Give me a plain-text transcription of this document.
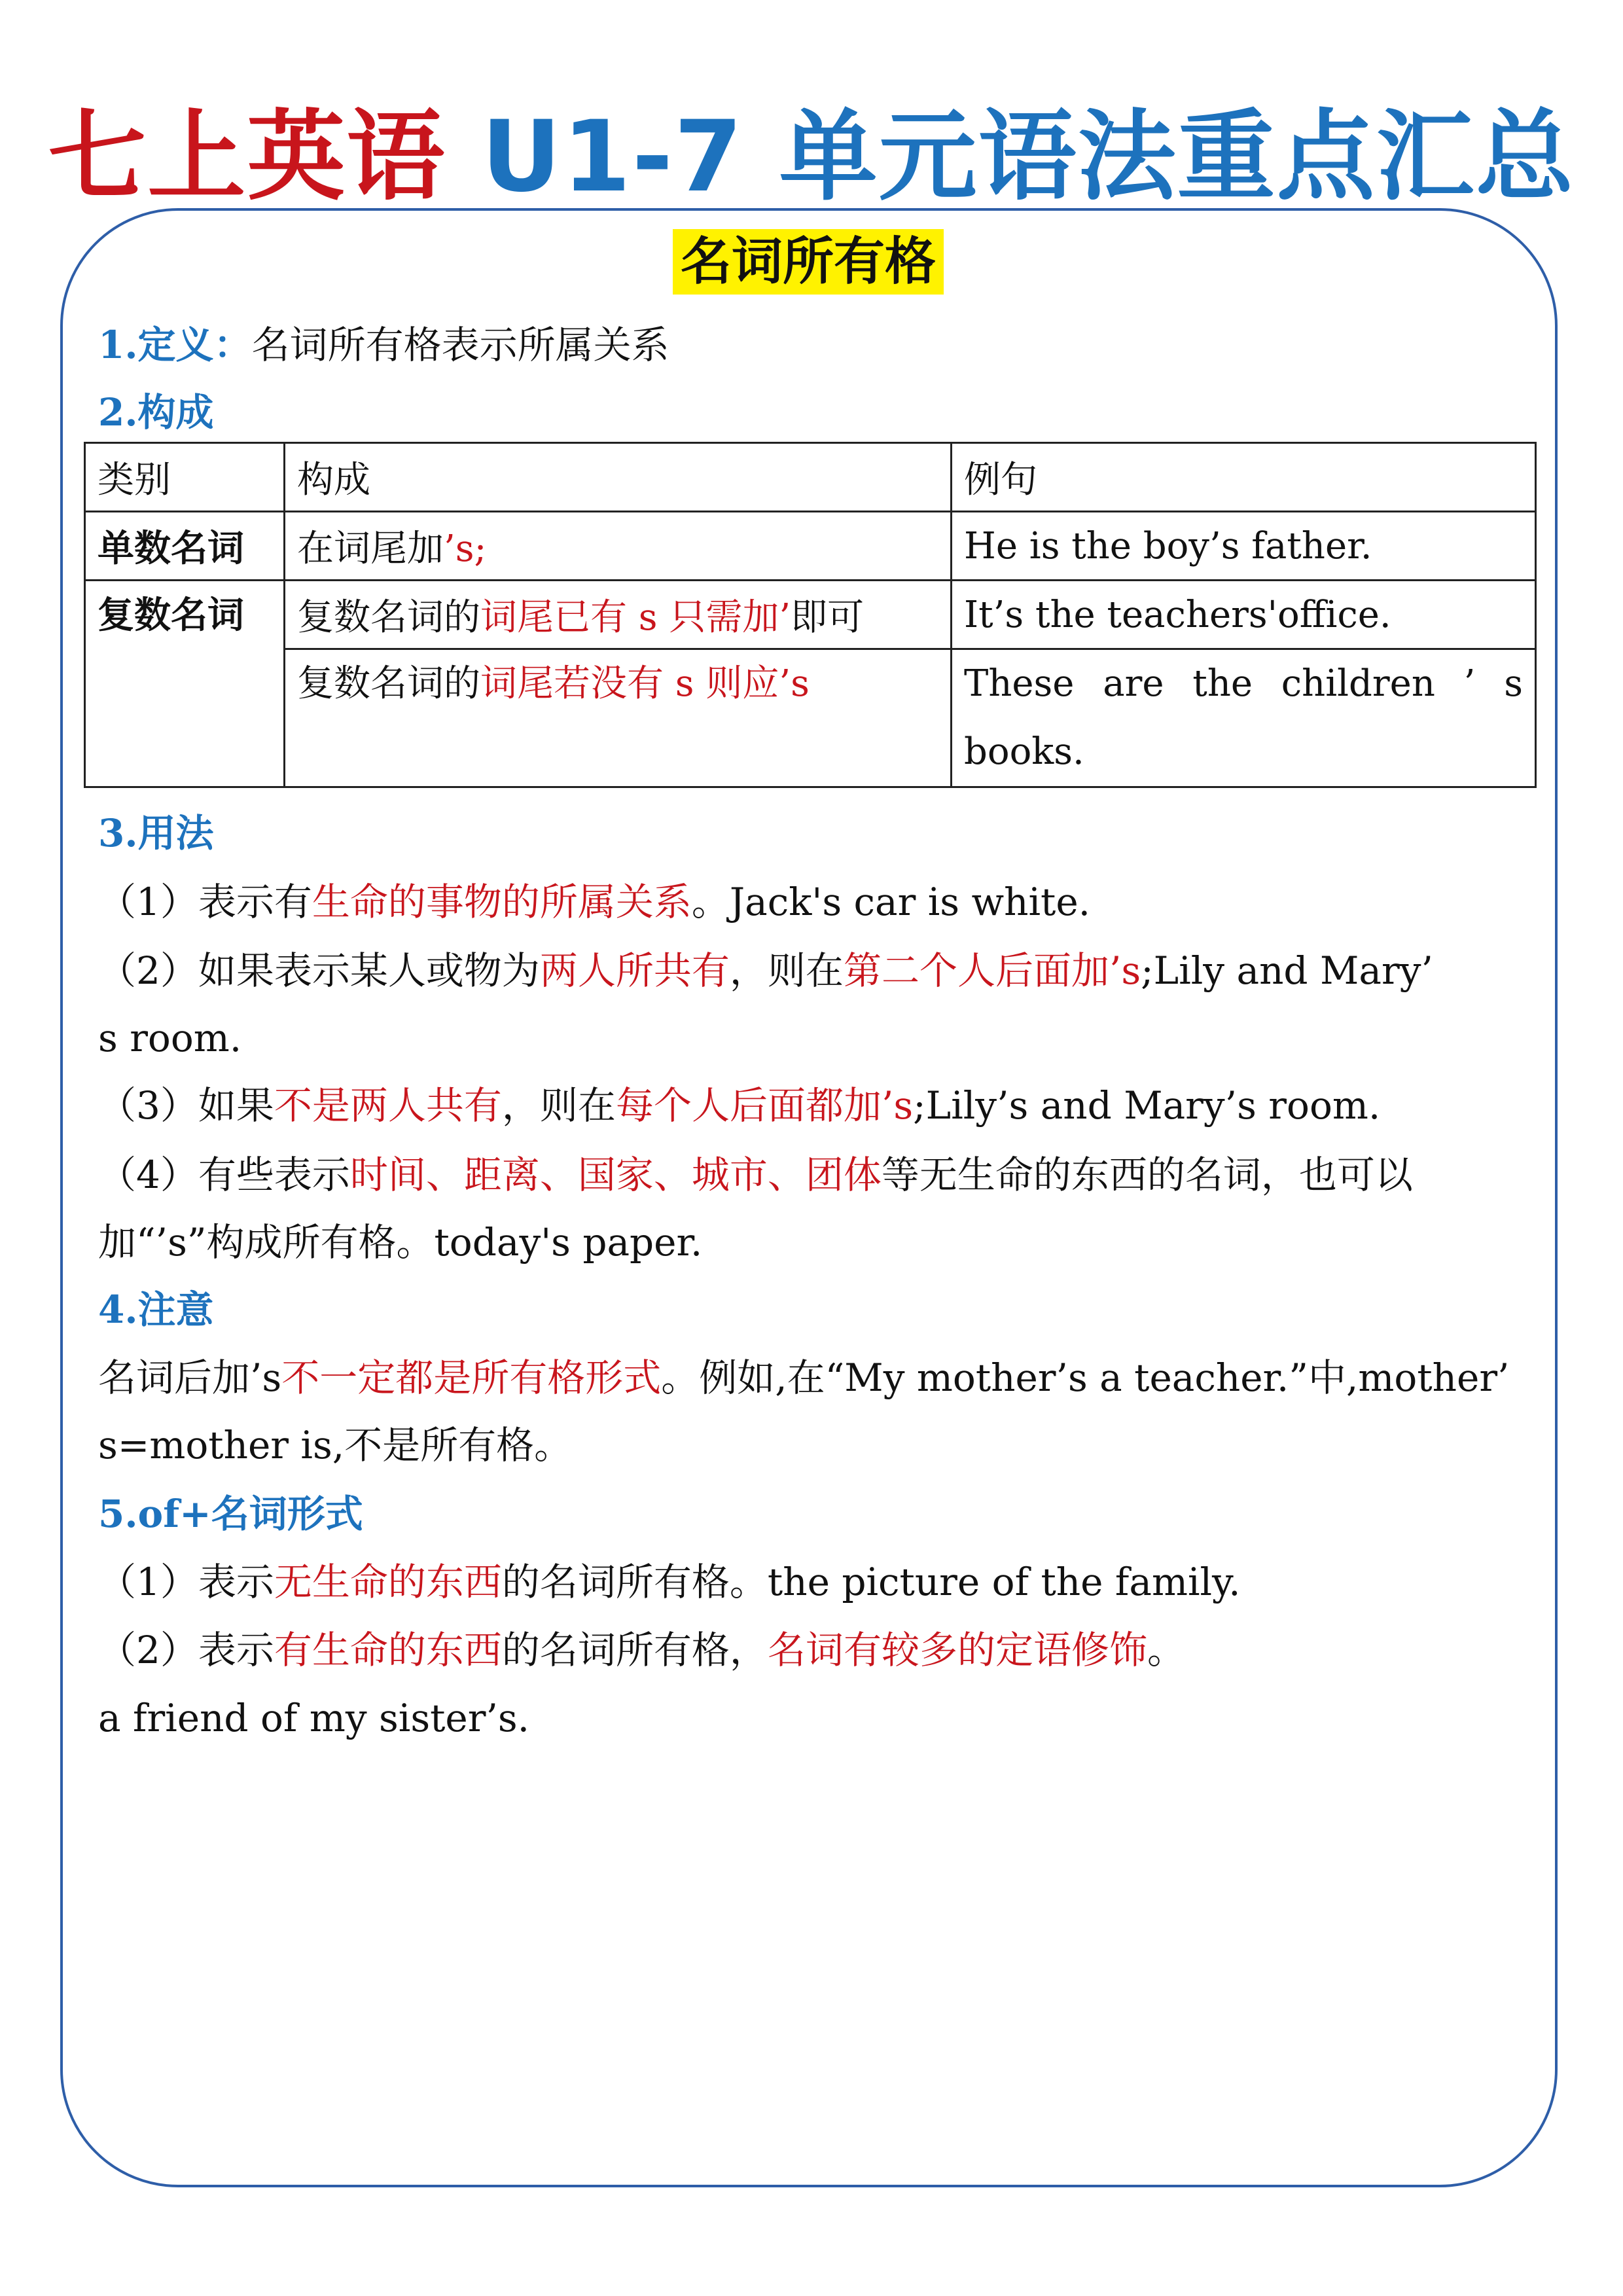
七上英语 U1-7 单元语法重点汇总
名词所有格
1.定义：名词所有格表示所属关系
2.构成
类别	构成	例句
单数名词	在词尾加’s;	He is the boy’s father.
复数名词	复数名词的词尾已有 s 只需加’即可	It’s the teachers'office.
	复数名词的词尾若没有 s 则应’s	These are the children ’ s books.
3.用法
（1）表示有生命的事物的所属关系。Jack's car is white.
（2）如果表示某人或物为两人所共有，则在第二个人后面加’s;Lily and Mary’
s room.
（3）如果不是两人共有，则在每个人后面都加’s;Lily’s and Mary’s room.
（4）有些表示时间、距离、国家、城市、团体等无生命的东西的名词，也可以
加“’s”构成所有格。today's paper.
4.注意
名词后加’s不一定都是所有格形式。例如,在“My mother’s a teacher.”中,mother’
s=mother is,不是所有格。
5.of+名词形式
（1）表示无生命的东西的名词所有格。the picture of the family.
（2）表示有生命的东西的名词所有格，名词有较多的定语修饰。
a friend of my sister’s.
